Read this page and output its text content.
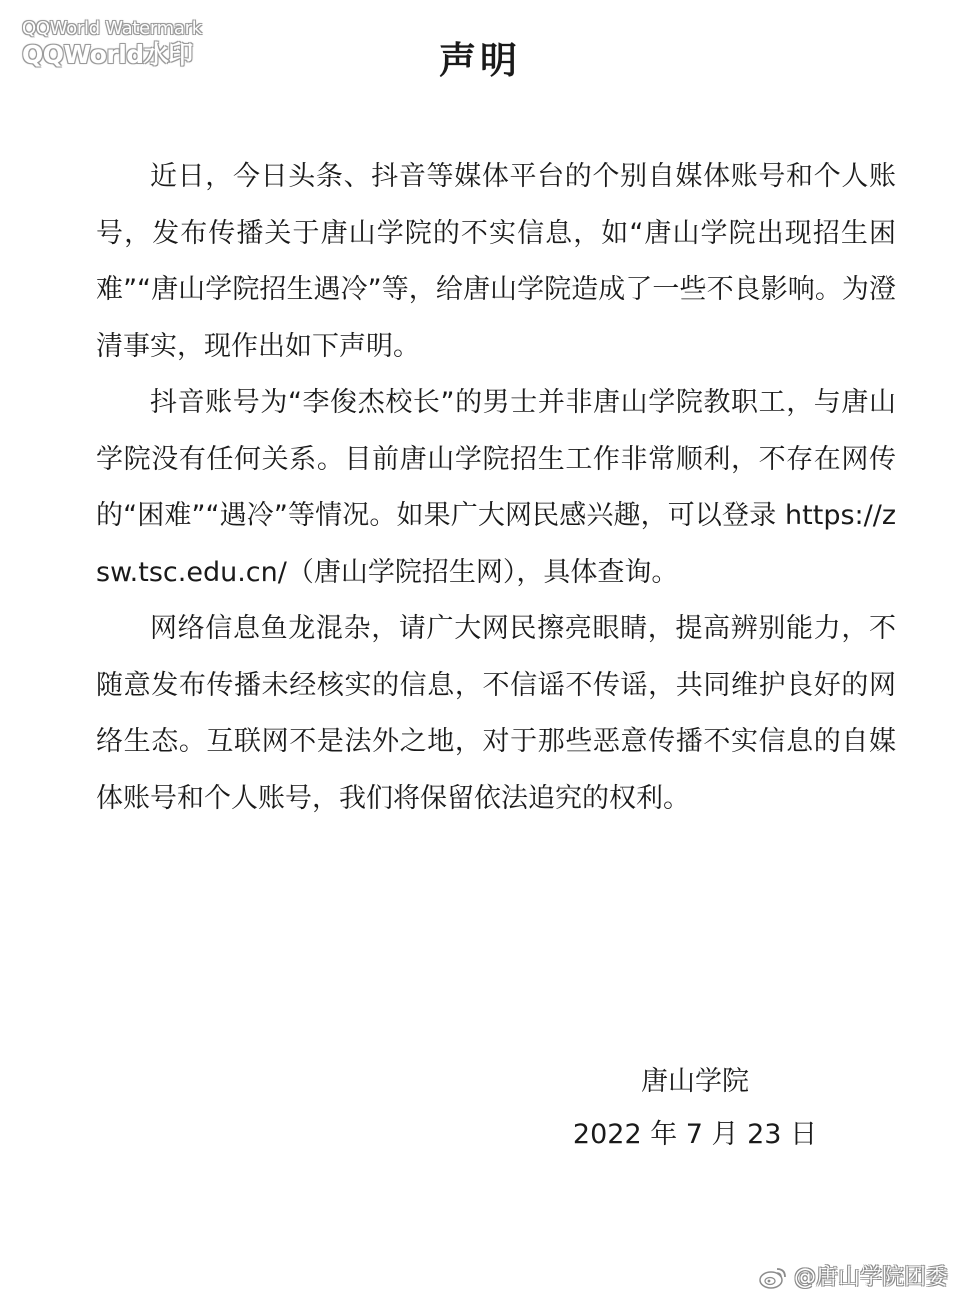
QQWorld Watermark
QQWorld水印	声明

近日，今日头条、抖音等媒体平台的个别自媒体账号和个人账号，发布传播关于唐山学院的不实信息，如“唐山学院出现招生困难”“唐山学院招生遇冷”等，给唐山学院造成了一些不良影响。为澄清事实，现作出如下声明。

抖音账号为“李俊杰校长”的男士并非唐山学院教职工，与唐山学院没有任何关系。目前唐山学院招生工作非常顺利，不存在网传的“困难”“遇冷”等情况。如果广大网民感兴趣，可以登录 https://zsw.tsc.edu.cn/（唐山学院招生网），具体查询。

网络信息鱼龙混杂，请广大网民擦亮眼睛，提高辨别能力，不随意发布传播未经核实的信息，不信谣不传谣，共同维护良好的网络生态。互联网不是法外之地，对于那些恶意传播不实信息的自媒体账号和个人账号，我们将保留依法追究的权利。

唐山学院
2022 年 7 月 23 日
@唐山学院团委
